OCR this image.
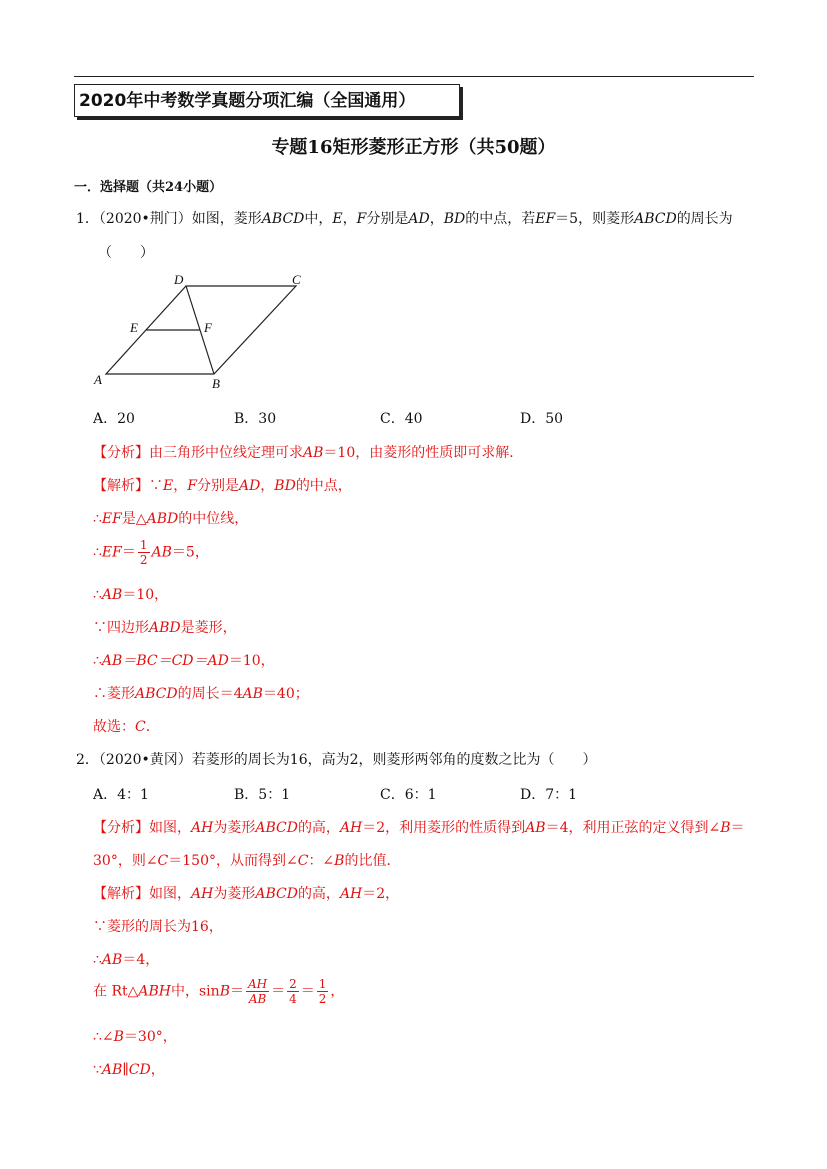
2020年中考数学真题分项汇编（全国通用）
专题16矩形菱形正方形（共50题）
一．选择题（共24小题）
1．（2020•荆门）如图，菱形ABCD中，E，F分别是AD，BD的中点，若EF＝5，则菱形ABCD的周长为
（　　）
D	C
E	F
A	B
A．20	B．30	C．40	D．50
【分析】由三角形中位线定理可求AB＝10，由菱形的性质即可求解．
【解析】∵E，F分别是AD，BD的中点，
∴EF是△ABD的中位线，
∴EF＝ $\frac{1}{2} AB=5$，
∴AB＝10，
∵四边形ABD是菱形，
∴AB＝BC＝CD＝AD＝10，
∴菱形ABCD的周长＝4AB＝40；
故选：C．
2．（2020•黄冈）若菱形的周长为16，高为2，则菱形两邻角的度数之比为（　　）
A．4：1	B．5：1	C．6：1	D．7：1
【分析】如图，AH为菱形ABCD的高，AH＝2，利用菱形的性质得到AB＝4，利用正弦的定义得到∠B＝
30°，则∠C＝150°，从而得到∠C：∠B的比值．
【解析】如图，AH为菱形ABCD的高，AH＝2，
∵菱形的周长为16，
∴AB＝4，
在 Rt△ABH中，$\sin B= \frac{AH}{AB} = \frac{2}{4} = \frac{1}{2}$ ，
∴∠B＝30°，
∵AB∥CD，
